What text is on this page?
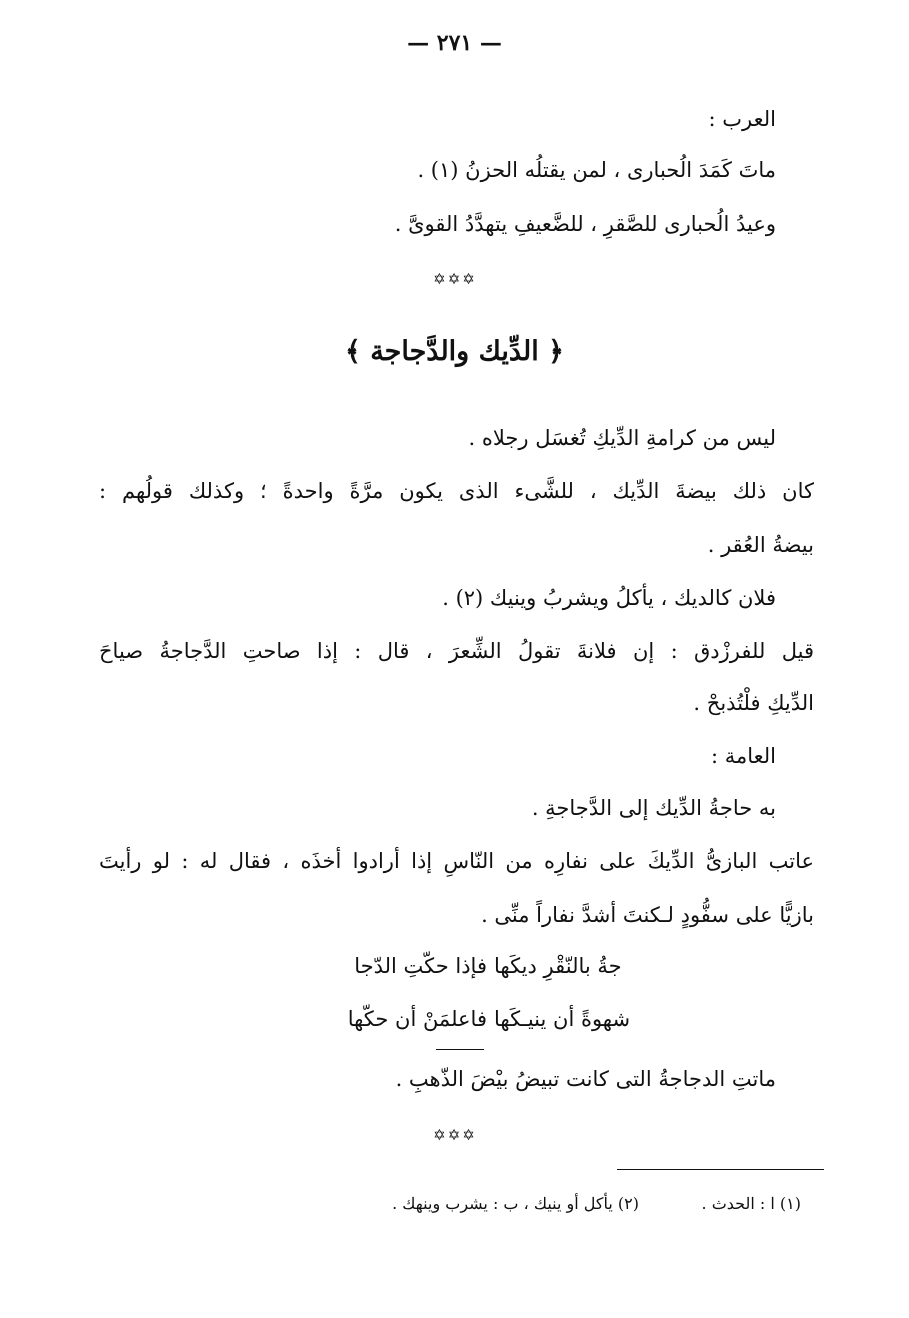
— ٢٧١ —
العرب :
ماتَ كَمَدَ الُحبارى ، لمن يقتلُه الحزنُ (١) .
وعيدُ الُحبارى للصَّقرِ ، للضَّعيفِ يتهدَّدُ القوىَّ .
✡✡✡
﴿ الدِّيك والدَّجاجة ﴾
ليس من كرامةِ الدِّيكِ تُغسَل رجلاه .
كان ذلك بيضةَ الدِّيك ، للشَّىء الذى يكون مرَّةً واحدةً ؛ وكذلك قولُهم :
بيضةُ العُقر .
فلان كالديك ، يأكلُ ويشربُ وينيك (٢) .
قيل للفرزْدق : إن فلانةَ تقولُ الشِّعرَ ، قال : إذا صاحتِ الدَّجاجةُ صياحَ
الدِّيكِ فلْتُذبحْ .
العامة :
به حاجةُ الدِّيك إلى الدَّجاجةِ .
عاتب البازىُّ الدِّيكَ على نفارِه من النّاسِ إذا أرادوا أخذَه ، فقال له : لو رأيتَ
بازيًّا على سفُّودٍ لـكنتَ أشدَّ نفاراً منِّى .
فإذا حكّتِ الدّجا جةُ بالنّقْرِ ديكَها
فاعلمَنْ أن حكّها شهوةً أن ينيـكَها
ماتتِ الدجاجةُ التى كانت تبيضُ بيْضَ الذّهبِ .
✡✡✡
(١) ا : الحدث .
(٢) يأكل أو ينيك ، ب : يشرب وينهك .
